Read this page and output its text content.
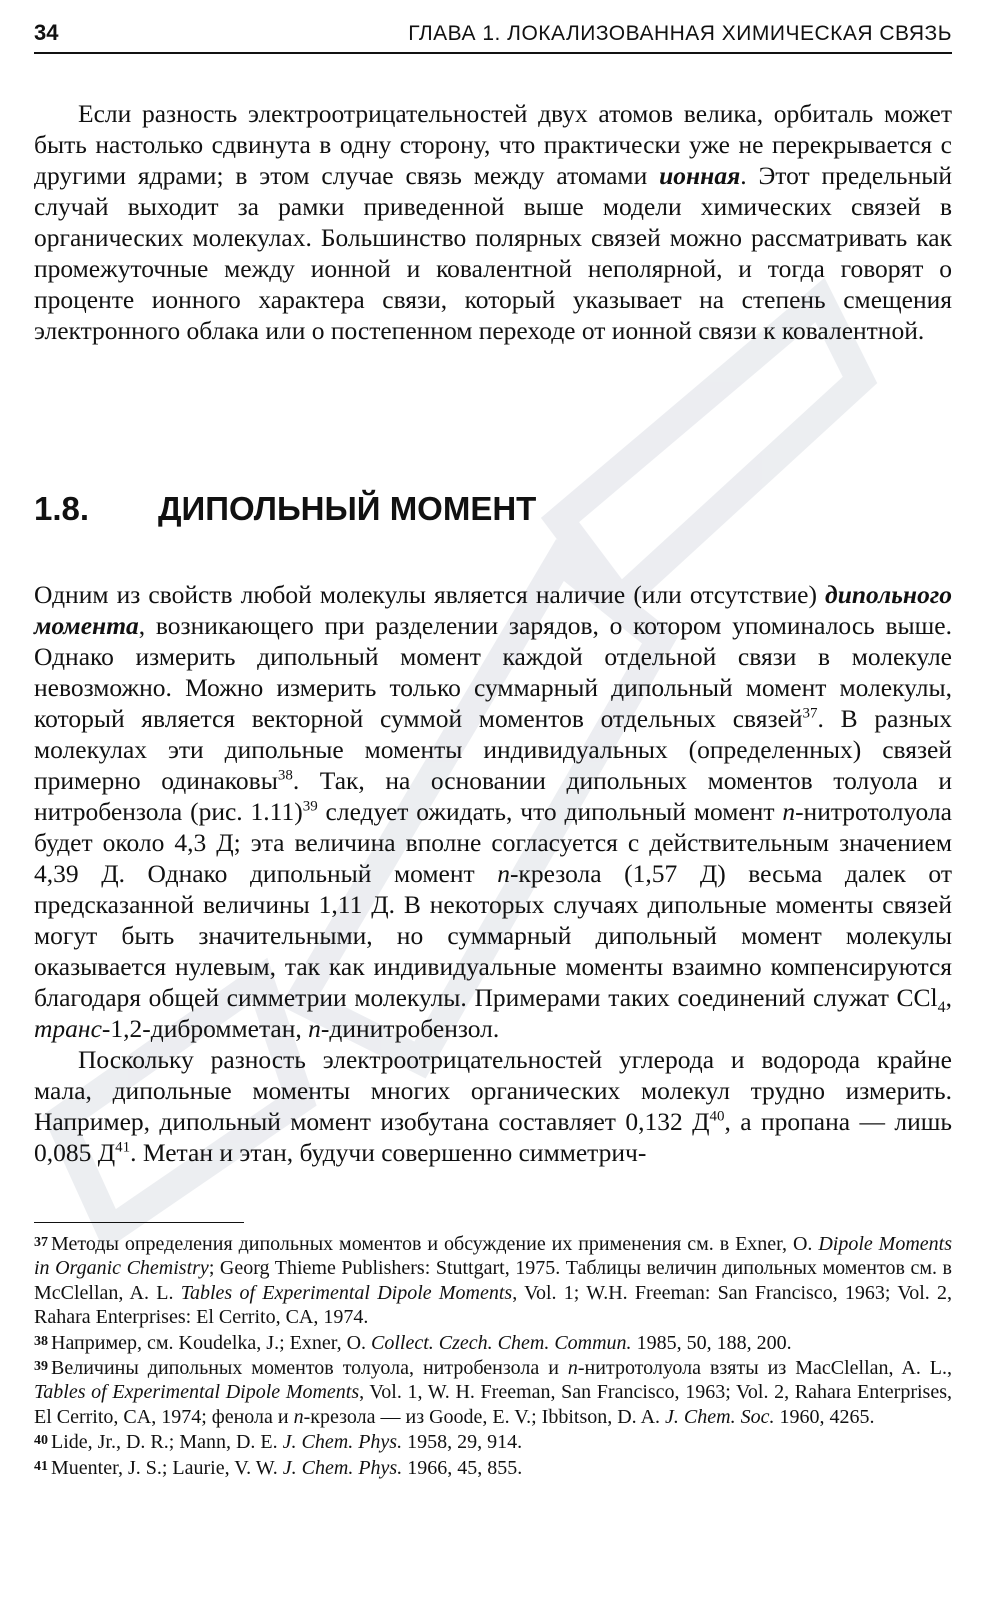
34	ГЛАВА 1. ЛОКАЛИЗОВАННАЯ ХИМИЧЕСКАЯ СВЯЗЬ

Если разность электроотрицательностей двух атомов велика, орбиталь может быть настолько сдвинута в одну сторону, что практически уже не перекрывается с другими ядрами; в этом случае связь между атомами ионная. Этот предельный случай выходит за рамки приведенной выше модели химических связей в органических молекулах. Большинство полярных связей можно рассматривать как промежуточные между ионной и ковалентной неполярной, и тогда говорят о проценте ионного характера связи, который указывает на степень смещения электронного облака или о постепенном переходе от ионной связи к ковалентной.

1.8.	ДИПОЛЬНЫЙ МОМЕНТ

Одним из свойств любой молекулы является наличие (или отсутствие) дипольного момента, возникающего при разделении зарядов, о котором упоминалось выше. Однако измерить дипольный момент каждой отдельной связи в молекуле невозможно. Можно измерить только суммарный дипольный момент молекулы, который является векторной суммой моментов отдельных связей$^{37}$. В разных молекулах эти дипольные моменты индивидуальных (определенных) связей примерно одинаковы$^{38}$. Так, на основании дипольных моментов толуола и нитробензола (рис. 1.11)$^{39}$ следует ожидать, что дипольный момент n-нитротолуола будет около 4,3 Д; эта величина вполне согласуется с действительным значением 4,39 Д. Однако дипольный момент n-крезола (1,57 Д) весьма далек от предсказанной величины 1,11 Д. В некоторых случаях дипольные моменты связей могут быть значительными, но суммарный дипольный момент молекулы оказывается нулевым, так как индивидуальные моменты взаимно компенсируются благодаря общей симметрии молекулы. Примерами таких соединений служат CCl$_4$, транс-1,2-дибромметан, n-динитробензол.

Поскольку разность электроотрицательностей углерода и водорода крайне мала, дипольные моменты многих органических молекул трудно измерить. Например, дипольный момент изобутана составляет 0,132 $Д^{40}$, а пропана — лишь 0,085 $Д^{41}$. Метан и этан, будучи совершенно симметрич-

$^{37}$ Методы определения дипольных моментов и обсуждение их применения см. в Exner, O. Dipole Moments in Organic Chemistry; Georg Thieme Publishers: Stuttgart, 1975. Таблицы величин дипольных моментов см. в McClellan, A. L. Tables of Experimental Dipole Moments, Vol. 1; W.H. Freeman: San Francisco, 1963; Vol. 2, Rahara Enterprises: El Cerrito, CA, 1974.

$^{38}$ Например, см. Koudelka, J.; Exner, O. Collect. Czech. Chem. Commun. 1985, 50, 188, 200.

$^{39}$ Величины дипольных моментов толуола, нитробензола и n-нитротолуола взяты из MacClellan, A. L., Tables of Experimental Dipole Moments, Vol. 1, W. H. Freeman, San Francisco, 1963; Vol. 2, Rahara Enterprises, El Cerrito, CA, 1974; фенола и n-крезола — из Goode, E. V.; Ibbitson, D. A. J. Chem. Soc. 1960, 4265.

$^{40}$ Lide, Jr., D. R.; Mann, D. E. J. Chem. Phys. 1958, 29, 914.

$^{41}$ Muenter, J. S.; Laurie, V. W. J. Chem. Phys. 1966, 45, 855.
